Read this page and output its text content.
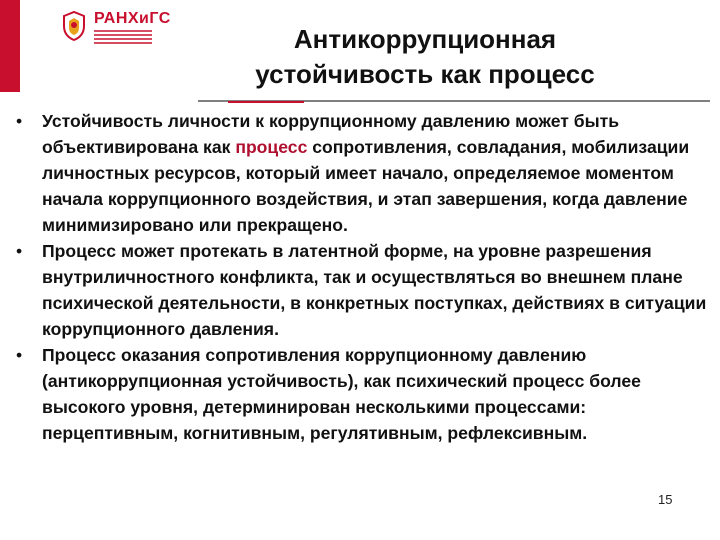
РАНХиГС
Антикоррупционная
устойчивость как процесс
• Устойчивость личности к коррупционному давлению может быть объективирована как процесс сопротивления, совладания, мобилизации личностных ресурсов, который имеет начало, определяемое моментом начала коррупционного воздействия, и этап завершения, когда давление минимизировано или прекращено.
• Процесс может протекать в латентной форме, на уровне разрешения внутриличностного конфликта, так и осуществляться во внешнем плане психической деятельности, в конкретных поступках, действиях в ситуации коррупционного давления.
• Процесс оказания сопротивления коррупционному давлению (антикоррупционная устойчивость), как психический процесс более высокого уровня, детерминирован несколькими процессами: перцептивным, когнитивным, регулятивным, рефлексивным.
15
